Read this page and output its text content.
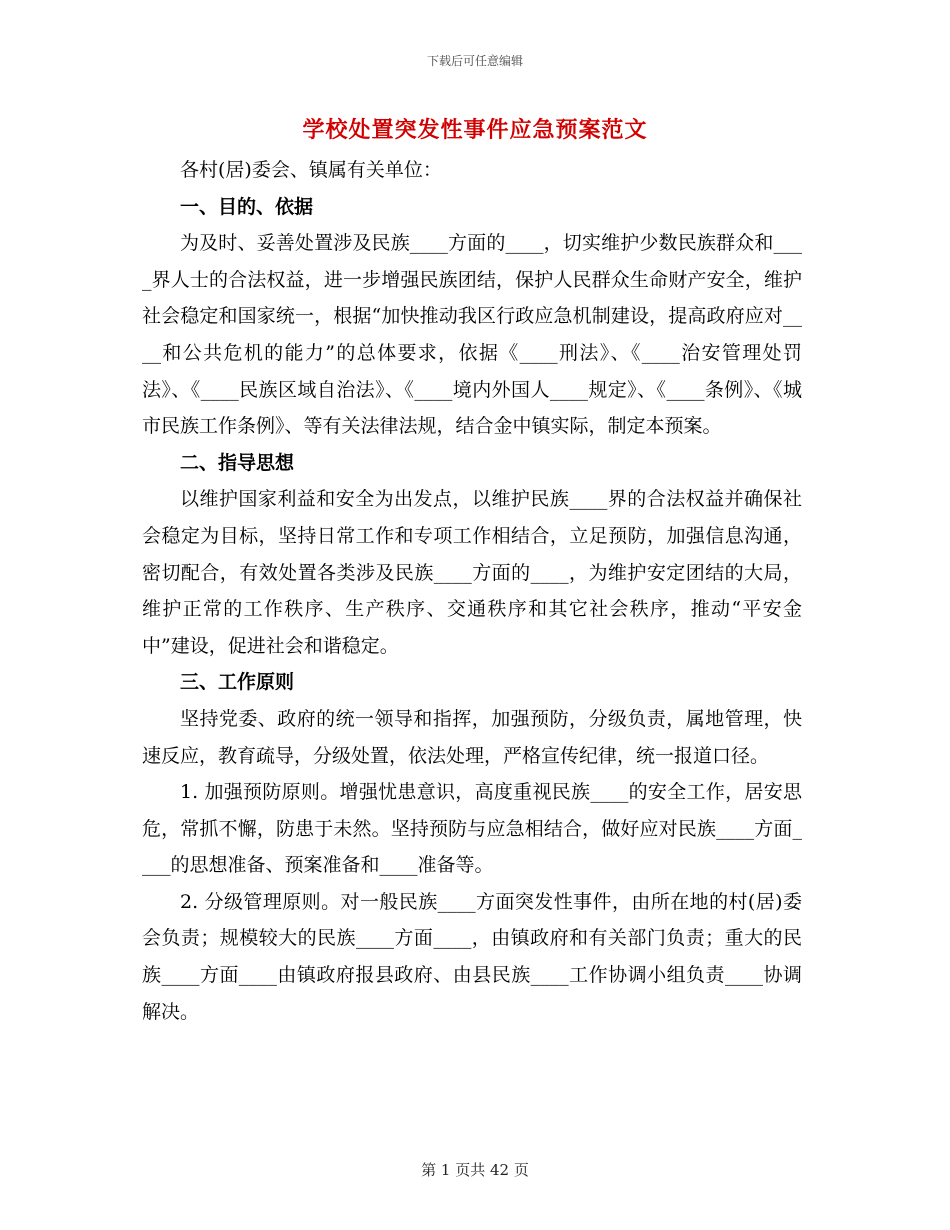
下载后可任意编辑
学校处置突发性事件应急预案范文

各村(居)委会、镇属有关单位：

一、目的、依据

为及时、妥善处置涉及民族____方面的____，切实维护少数民族群众和____界人士的合法权益，进一步增强民族团结，保护人民群众生命财产安全，维护社会稳定和国家统一，根据“加快推动我区行政应急机制建设，提高政府应对____和公共危机的能力”的总体要求，依据《____刑法》、《____治安管理处罚法》、《____民族区域自治法》、《____境内外国人____规定》、《____条例》、《城市民族工作条例》、等有关法律法规，结合金中镇实际，制定本预案。

二、指导思想

以维护国家利益和安全为出发点，以维护民族____界的合法权益并确保社会稳定为目标，坚持日常工作和专项工作相结合，立足预防，加强信息沟通，密切配合，有效处置各类涉及民族____方面的____，为维护安定团结的大局，维护正常的工作秩序、生产秩序、交通秩序和其它社会秩序，推动“平安金中”建设，促进社会和谐稳定。

三、工作原则

坚持党委、政府的统一领导和指挥，加强预防，分级负责，属地管理，快速反应，教育疏导，分级处置，依法处理，严格宣传纪律，统一报道口径。

1. 加强预防原则。增强忧患意识，高度重视民族____的安全工作，居安思危，常抓不懈，防患于未然。坚持预防与应急相结合，做好应对民族____方面____的思想准备、预案准备和____准备等。

2. 分级管理原则。对一般民族____方面突发性事件，由所在地的村(居)委会负责；规模较大的民族____方面____，由镇政府和有关部门负责；重大的民族____方面____由镇政府报县政府、由县民族____工作协调小组负责____协调解决。

第 1 页共 42 页
